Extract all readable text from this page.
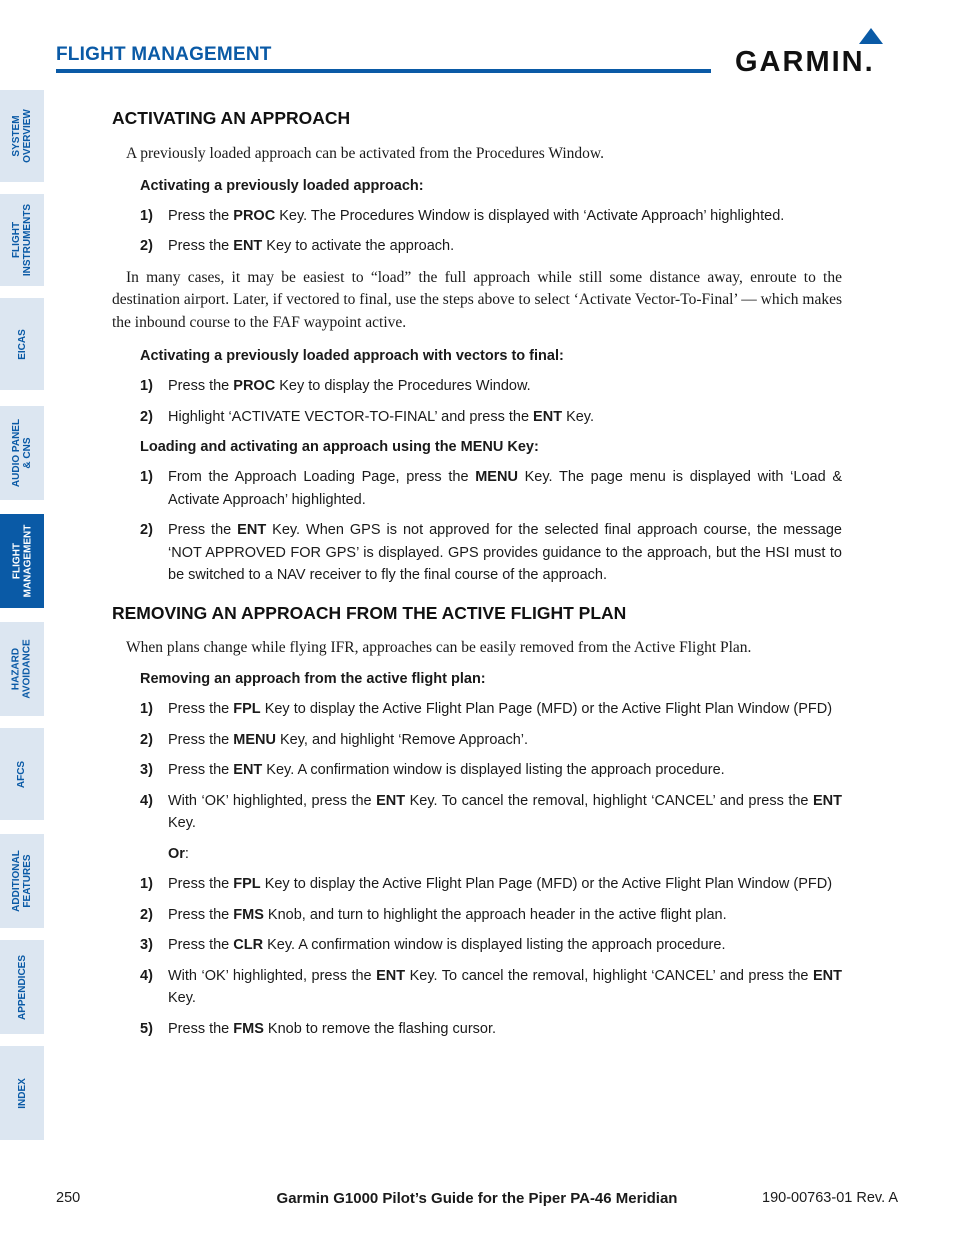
FLIGHT MANAGEMENT	GARMIN.
SYSTEM
OVERVIEW
FLIGHT
INSTRUMENTS
EICAS
AUDIO PANEL
& CNS
FLIGHT
MANAGEMENT
HAZARD
AVOIDANCE
AFCS
ADDITIONAL
FEATURES
APPENDICES
INDEX
ACTIVATING AN APPROACH

A previously loaded approach can be activated from the Procedures Window.

Activating a previously loaded approach:
1)	Press the PROC Key. The Procedures Window is displayed with ‘Activate Approach’ highlighted.
2)	Press the ENT Key to activate the approach.

In many cases, it may be easiest to “load” the full approach while still some distance away, enroute to the destination airport. Later, if vectored to final, use the steps above to select ‘Activate Vector-To-Final’ — which makes the inbound course to the FAF waypoint active.

Activating a previously loaded approach with vectors to final:
1)	Press the PROC Key to display the Procedures Window.
2)	Highlight ‘ACTIVATE VECTOR-TO-FINAL’ and press the ENT Key.
Loading and activating an approach using the MENU Key:
1)	From the Approach Loading Page, press the MENU Key. The page menu is displayed with ‘Load & Activate Approach’ highlighted.
2)	Press the ENT Key. When GPS is not approved for the selected final approach course, the message ‘NOT APPROVED FOR GPS’ is displayed. GPS provides guidance to the approach, but the HSI must to be switched to a NAV receiver to fly the final course of the approach.
REMOVING AN APPROACH FROM THE ACTIVE FLIGHT PLAN

When plans change while flying IFR, approaches can be easily removed from the Active Flight Plan.

Removing an approach from the active flight plan:
1)	Press the FPL Key to display the Active Flight Plan Page (MFD) or the Active Flight Plan Window (PFD)
2)	Press the MENU Key, and highlight ‘Remove Approach’.
3)	Press the ENT Key. A confirmation window is displayed listing the approach procedure.
4)	With ‘OK’ highlighted, press the ENT Key. To cancel the removal, highlight ‘CANCEL’ and press the ENT Key.
Or:
1)	Press the FPL Key to display the Active Flight Plan Page (MFD) or the Active Flight Plan Window (PFD)
2)	Press the FMS Knob, and turn to highlight the approach header in the active flight plan.
3)	Press the CLR Key. A confirmation window is displayed listing the approach procedure.
4)	With ‘OK’ highlighted, press the ENT Key. To cancel the removal, highlight ‘CANCEL’ and press the ENT Key.
5)	Press the FMS Knob to remove the flashing cursor.
Garmin G1000 Pilot’s Guide for the Piper PA-46 Meridian
250	190-00763-01 Rev. A
